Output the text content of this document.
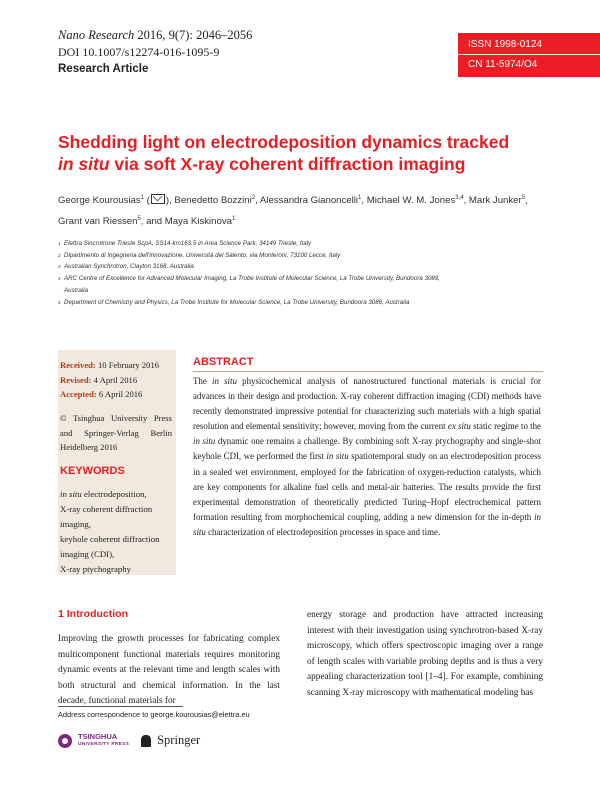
Nano Research 2016, 9(7): 2046–2056
DOI 10.1007/s12274-016-1095-9
Research Article
ISSN 1998-0124
CN 11-5974/O4
Shedding light on electrodeposition dynamics tracked
in situ via soft X-ray coherent diffraction imaging
George Kourousias$^1$ ( ), Benedetto Bozzini$^2$, Alessandra Gianoncelli$^1$, Michael W. M. Jones$^{3,4}$, Mark Junker$^5$,
Grant van Riessen$^5$, and Maya Kiskinova$^1$
1 Elettra Sincrotrone Trieste ScpA, SS14-km163.5 in Area Science Park, 34149 Trieste, Italy
2 Dipartimento di Ingegneria dell'Innovazione, Università del Salento, via Monteroni, 73100 Lecce, Italy
3 Australian Synchrotron, Clayton 3168, Australia
4 ARC Centre of Excellence for Advanced Molecular Imaging, La Trobe Institute of Molecular Science, La Trobe University, Bundoora 3089,
Australia
5 Department of Chemistry and Physics, La Trobe Institute for Molecular Science, La Trobe University, Bundoora 3086, Australia
Received: 10 February 2016
Revised: 4 April 2016
Accepted: 6 April 2016
© Tsinghua University Press and Springer-Verlag Berlin Heidelberg 2016
KEYWORDS
in situ electrodeposition,
X-ray coherent diffraction imaging,
keyhole coherent diffraction imaging (CDI),
X-ray ptychography
ABSTRACT
The in situ physicochemical analysis of nanostructured functional materials is crucial for advances in their design and production. X-ray coherent diffraction imaging (CDI) methods have recently demonstrated impressive potential for characterizing such materials with a high spatial resolution and elemental sensitivity; however, moving from the current ex situ static regime to the in situ dynamic one remains a challenge. By combining soft X-ray ptychography and single-shot keyhole CDI, we performed the first in situ spatiotemporal study on an electrodeposition process in a sealed wet environment, employed for the fabrication of oxygen-reduction catalysts, which are key components for alkaline fuel cells and metal-air batteries. The results provide the first experimental demonstration of theoretically predicted Turing–Hopf electrochemical pattern formation resulting from morphochemical coupling, adding a new dimension for the in-depth in situ characterization of electrodeposition processes in space and time.
1 Introduction
Improving the growth processes for fabricating complex multicomponent functional materials requires monitoring dynamic events at the relevant time and length scales with both structural and chemical information. In the last decade, functional materials for
energy storage and production have attracted increasing interest with their investigation using synchrotron-based X-ray microscopy, which offers spectroscopic imaging over a range of length scales with variable probing depths and is thus a very appealing characterization tool [1–4]. For example, combining scanning X-ray microscopy with mathematical modeling has
Address correspondence to george.kourousias@elettra.eu
TSINGHUA
UNIVERSITY PRESS Springer
